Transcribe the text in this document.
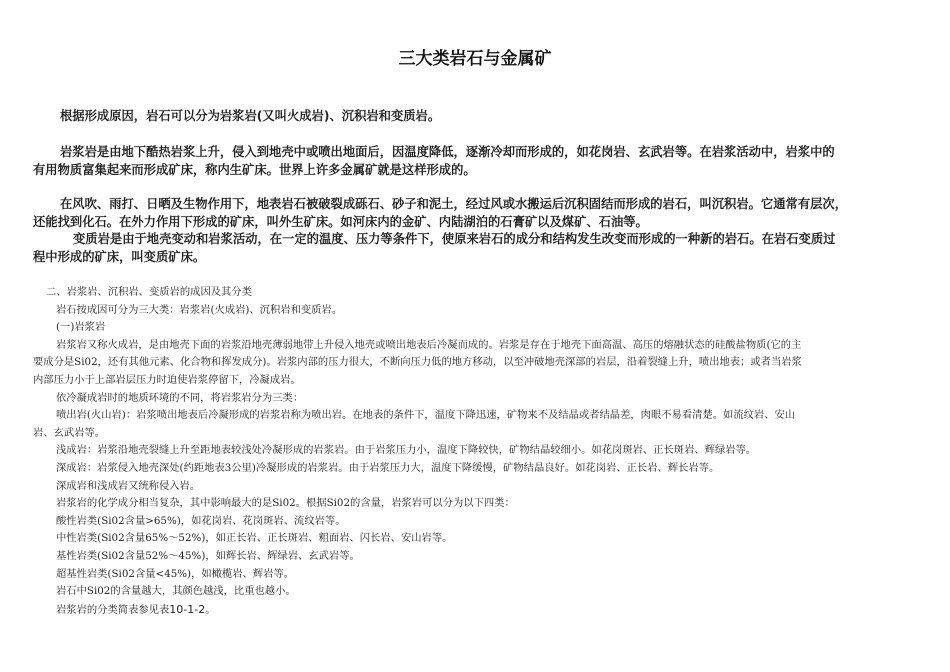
三大类岩石与金属矿
根据形成原因，岩石可以分为岩浆岩(又叫火成岩)、沉积岩和变质岩。
岩浆岩是由地下酷热岩浆上升，侵入到地壳中或喷出地面后，因温度降低，逐渐冷却而形成的，如花岗岩、玄武岩等。在岩浆活动中，岩浆中的
有用物质富集起来而形成矿床，称内生矿床。世界上许多金属矿就是这样形成的。
在风吹、雨打、日晒及生物作用下，地表岩石被破裂成砾石、砂子和泥土，经过风或水搬运后沉积固结而形成的岩石，叫沉积岩。它通常有层次，
还能找到化石。在外力作用下形成的矿床，叫外生矿床。如河床内的金矿、内陆湖泊的石膏矿以及煤矿、石油等。
变质岩是由于地壳变动和岩浆活动，在一定的温度、压力等条件下，使原来岩石的成分和结构发生改变而形成的一种新的岩石。在岩石变质过
程中形成的矿床，叫变质矿床。
二、岩浆岩、沉积岩、变质岩的成因及其分类
岩石按成因可分为三大类：岩浆岩(火成岩)、沉积岩和变质岩。
(一)岩浆岩
岩浆岩又称火成岩，是由地壳下面的岩浆沿地壳薄弱地带上升侵入地壳或喷出地表后冷凝而成的。岩浆是存在于地壳下面高温、高压的熔融状态的硅酸盐物质(它的主
要成分是Si02，还有其他元素、化合物和挥发成分)。岩浆内部的压力很大，不断向压力低的地方移动，以至冲破地壳深部的岩层，沿着裂缝上升，喷出地表；或者当岩浆
内部压力小于上部岩层压力时迫使岩浆停留下，冷凝成岩。
依冷凝成岩时的地质环境的不同，将岩浆岩分为三类：
喷出岩(火山岩)：岩浆喷出地表后冷凝形成的岩浆岩称为喷出岩。在地表的条件下，温度下降迅速，矿物来不及结晶或者结晶差，肉眼不易看清楚。如流纹岩、安山
岩、玄武岩等。
浅成岩：岩浆沿地壳裂缝上升至距地表较浅处冷凝形成的岩浆岩。由于岩浆压力小，温度下降较快，矿物结晶较细小。如花岗斑岩、正长斑岩、辉绿岩等。
深成岩：岩浆侵入地壳深处(约距地表3公里)冷凝形成的岩浆岩。由于岩浆压力大，温度下降缓慢，矿物结晶良好。如花岗岩、正长岩、辉长岩等。
深成岩和浅成岩又统称侵入岩。
岩浆岩的化学成分相当复杂，其中影响最大的是Si02。根据Si02的含量，岩浆岩可以分为以下四类：
酸性岩类(Si02含量>65%)，如花岗岩、花岗斑岩、流纹岩等。
中性岩类(Si02含量65%～52%)，如正长岩、正长斑岩、粗面岩、闪长岩、安山岩等。
基性岩类(Si02含量52%～45%)，如辉长岩、辉绿岩、玄武岩等。
超基性岩类(Si02含量<45%)，如橄榄岩、辉岩等。
岩石中Si02的含量越大，其颜色越浅，比重也越小。
岩浆岩的分类简表参见表10-1-2。
